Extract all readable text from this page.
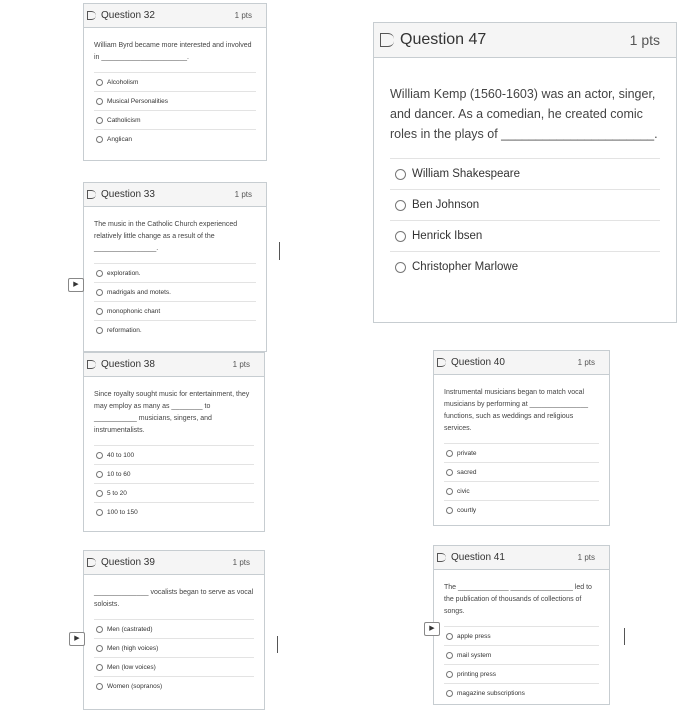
Question 32	1 pts
William Byrd became more interested and involved in ______________________.
Alcoholism
Musical Personalities
Catholicism
Anglican
Question 33	1 pts
The music in the Catholic Church experienced relatively little change as a result of the ________________.
exploration.
madrigals and motets.
monophonic chant
reformation.
Question 38	1 pts
Since royalty sought music for entertainment, they may employ as many as ________ to ___________ musicians, singers, and instrumentalists.
40 to 100
10 to 60
5 to 20
100 to 150
Question 39	1 pts
______________ vocalists began to serve as vocal soloists.
Men (castrated)
Men (high voices)
Men (low voices)
Women (sopranos)
Question 47	1 pts
William Kemp (1560-1603) was an actor, singer, and dancer. As a comedian, he created comic roles in the plays of ______________________.
William Shakespeare
Ben Johnson
Henrick Ibsen
Christopher Marlowe
Question 40	1 pts
Instrumental musicians began to match vocal musicians by performing at _______________ functions, such as weddings and religious services.
private
sacred
civic
courtly
Question 41	1 pts
The _____________ ________________ led to the publication of thousands of collections of songs.
apple press
mail system
printing press
magazine subscriptions
▶
▶
▶
